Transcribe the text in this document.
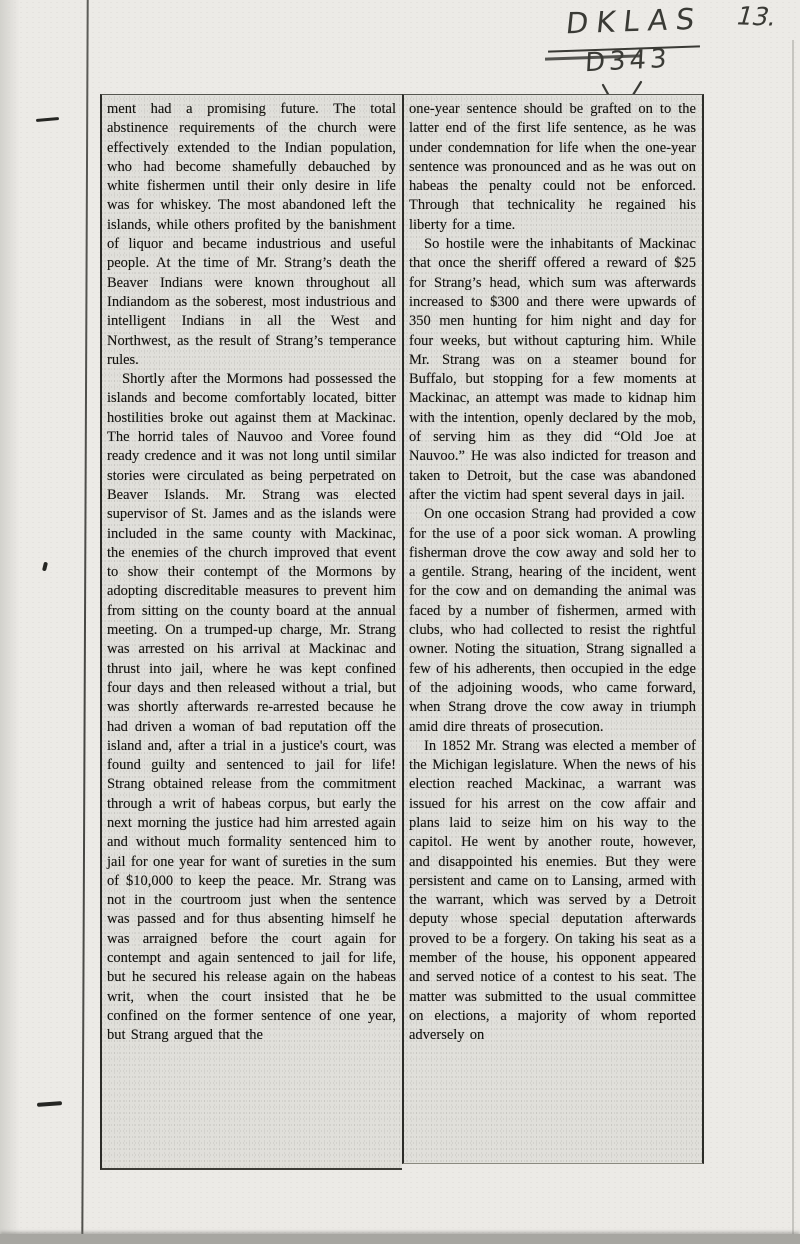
DKLAS
D343
13.

ment had a promising future. The total abstinence requirements of the church were effectively extended to the Indian population, who had become shamefully debauched by white fishermen until their only desire in life was for whiskey. The most abandoned left the islands, while others profited by the banishment of liquor and became industrious and useful people. At the time of Mr. Strang’s death the Beaver Indians were known throughout all Indiandom as the soberest, most industrious and intelligent Indians in all the West and Northwest, as the result of Strang’s temperance rules.

Shortly after the Mormons had possessed the islands and become comfortably located, bitter hostilities broke out against them at Mackinac. The horrid tales of Nauvoo and Voree found ready credence and it was not long until similar stories were circulated as being perpetrated on Beaver Islands. Mr. Strang was elected supervisor of St. James and as the islands were included in the same county with Mackinac, the enemies of the church improved that event to show their contempt of the Mormons by adopting discreditable measures to prevent him from sitting on the county board at the annual meeting. On a trumped-up charge, Mr. Strang was arrested on his arrival at Mackinac and thrust into jail, where he was kept confined four days and then released without a trial, but was shortly afterwards re-arrested because he had driven a woman of bad reputation off the island and, after a trial in a justice's court, was found guilty and sentenced to jail for life! Strang obtained release from the commitment through a writ of habeas corpus, but early the next morning the justice had him arrested again and without much formality sentenced him to jail for one year for want of sureties in the sum of $10,000 to keep the peace. Mr. Strang was not in the courtroom just when the sentence was passed and for thus absenting himself he was arraigned before the court again for contempt and again sentenced to jail for life, but he secured his release again on the habeas writ, when the court insisted that he be confined on the former sentence of one year, but Strang argued that the

one-year sentence should be grafted on to the latter end of the first life sentence, as he was under condemnation for life when the one-year sentence was pronounced and as he was out on habeas the penalty could not be enforced. Through that technicality he regained his liberty for a time.

So hostile were the inhabitants of Mackinac that once the sheriff offered a reward of $25 for Strang’s head, which sum was afterwards increased to $300 and there were upwards of 350 men hunting for him night and day for four weeks, but without capturing him. While Mr. Strang was on a steamer bound for Buffalo, but stopping for a few moments at Mackinac, an attempt was made to kidnap him with the intention, openly declared by the mob, of serving him as they did “Old Joe at Nauvoo.” He was also indicted for treason and taken to Detroit, but the case was abandoned after the victim had spent several days in jail.

On one occasion Strang had provided a cow for the use of a poor sick woman. A prowling fisherman drove the cow away and sold her to a gentile. Strang, hearing of the incident, went for the cow and on demanding the animal was faced by a number of fishermen, armed with clubs, who had collected to resist the rightful owner. Noting the situation, Strang signalled a few of his adherents, then occupied in the edge of the adjoining woods, who came forward, when Strang drove the cow away in triumph amid dire threats of prosecution.

In 1852 Mr. Strang was elected a member of the Michigan legislature. When the news of his election reached Mackinac, a warrant was issued for his arrest on the cow affair and plans laid to seize him on his way to the capitol. He went by another route, however, and disappointed his enemies. But they were persistent and came on to Lansing, armed with the warrant, which was served by a Detroit deputy whose special deputation afterwards proved to be a forgery. On taking his seat as a member of the house, his opponent appeared and served notice of a contest to his seat. The matter was submitted to the usual committee on elections, a majority of whom reported adversely on
